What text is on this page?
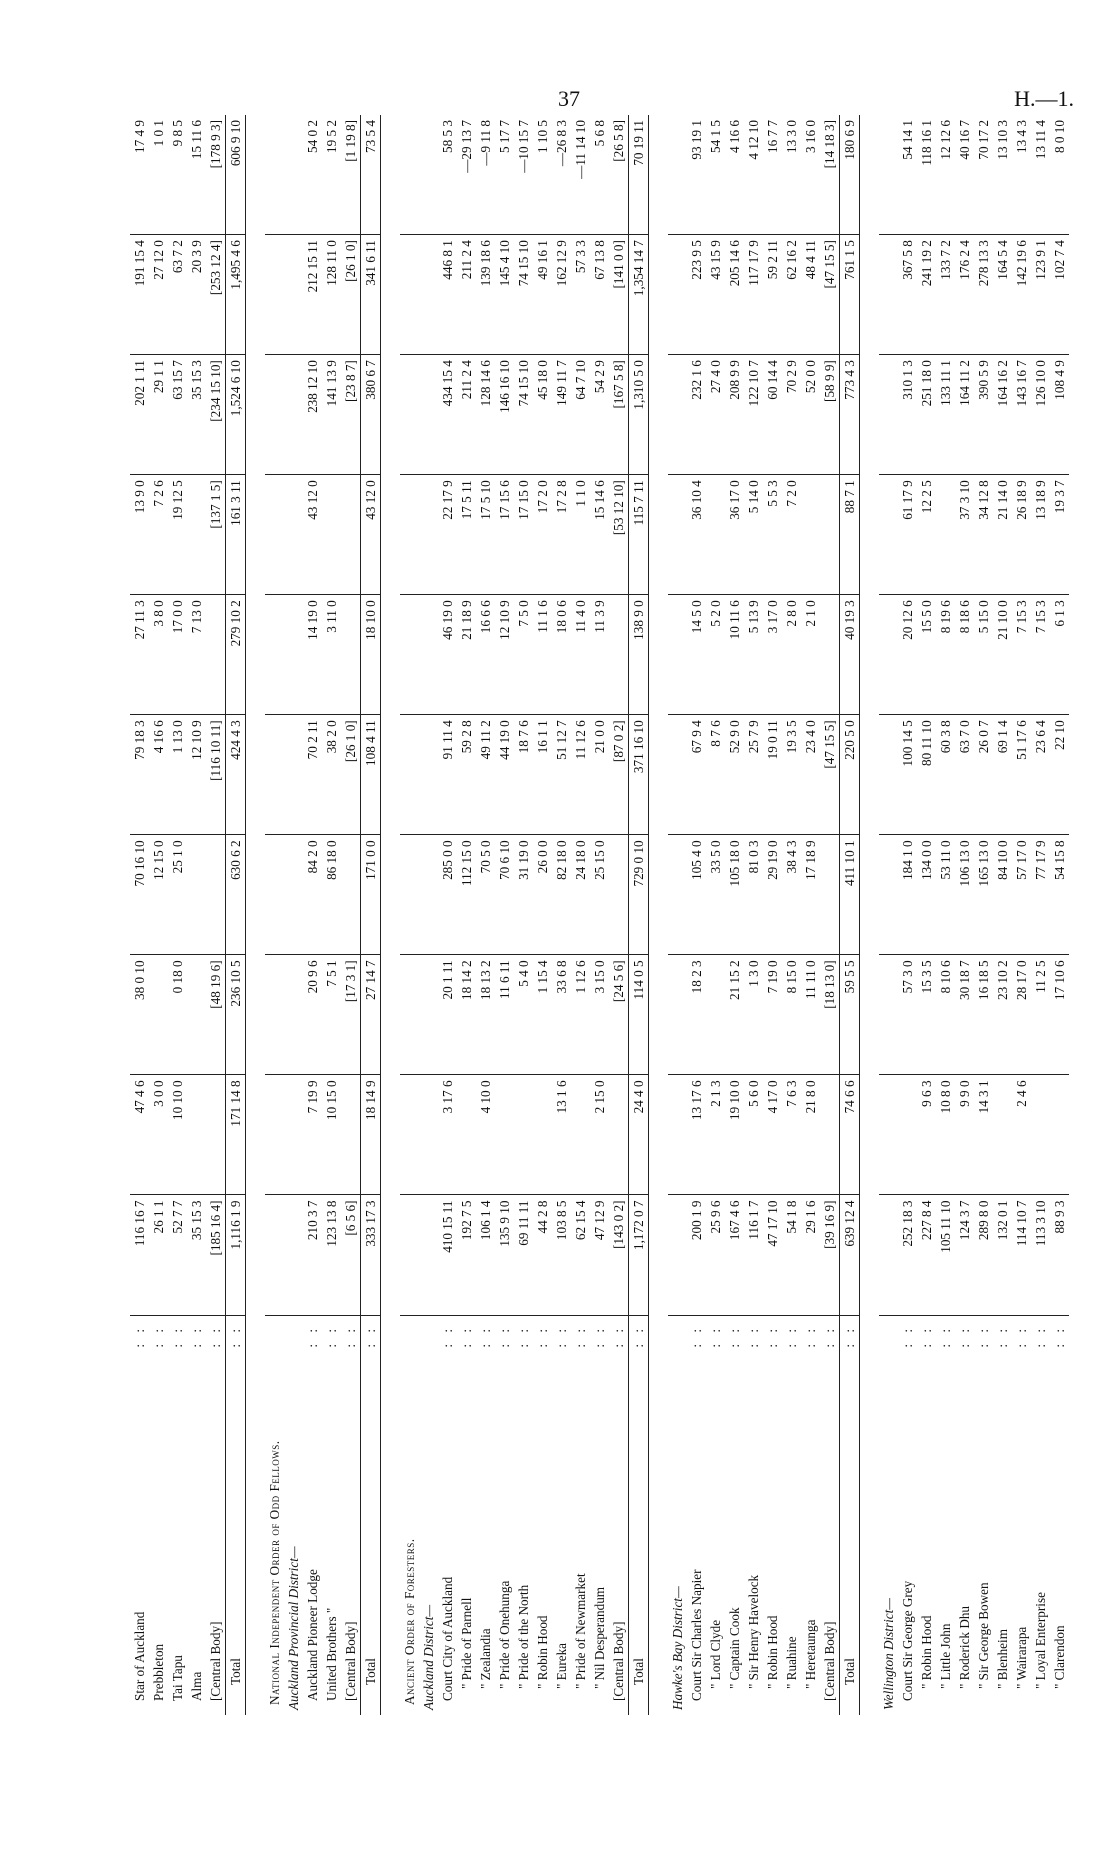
37	H.—1.
Star of Auckland	: :	116 16 7	47 4 6	38 0 10	70 16 10	79 18 3	27 11 3	13 9 0	202 1 11	191 15 4	17 4 9
Prebbleton	: :	26 1 1	3 0 0		12 15 0	4 16 6	3 8 0	7 2 6	29 1 1	27 12 0	1 0 1
Tai Tapu	: :	52 7 7	10 10 0	0 18 0	25 1 0	1 13 0	17 0 0	19 12 5	63 15 7	63 7 2	9 8 5
Alma	: :	35 15 3				12 10 9	7 13 0		35 15 3	20 3 9	15 11 6
[Central Body]	: :	[185 16 4]		[48 19 6]		[116 10 11]		[137 1 5]	[234 15 10]	[253 12 4]	[178 9 3]
Total	: :	1,116 1 9	171 14 8	236 10 5	630 6 2	424 4 3	279 10 2	161 3 11	1,524 6 10	1,495 4 6	606 9 10

National Independent Order of Odd Fellows.											
Auckland Provincial District—											
Auckland Pioneer Lodge	: :	210 3 7	7 19 9	20 9 6	84 2 0	70 2 11	14 19 0	43 12 0	238 12 10	212 15 11	54 0 2
United Brothers "	: :	123 13 8	10 15 0	7 5 1	86 18 0	38 2 0	3 11 0		141 13 9	128 11 0	19 5 2
[Central Body]	: :	[6 5 6]		[17 3 1]		[26 1 0]			[23 8 7]	[26 1 0]	[1 19 8]
Total	: :	333 17 3	18 14 9	27 14 7	171 0 0	108 4 11	18 10 0	43 12 0	380 6 7	341 6 11	73 5 4

Ancient Order of Foresters.											
Auckland District—											
Court City of Auckland	: :	410 15 11	3 17 6	20 1 11	285 0 0	91 11 4	46 19 0	22 17 9	434 15 4	446 8 1	58 5 3
" Pride of Parnell	: :	192 7 5		18 14 2	112 15 0	59 2 8	21 18 9	17 5 11	211 2 4	211 2 4	—29 13 7
" Zealandia	: :	106 1 4	4 10 0	18 13 2	70 5 0	49 11 2	16 6 6	17 5 10	128 14 6	139 18 6	—9 11 8
" Pride of Onehunga	: :	135 9 10		11 6 11	70 6 10	44 19 0	12 10 9	17 15 6	146 16 10	145 4 10	5 17 7
" Pride of the North	: :	69 11 11		5 4 0	31 19 0	18 7 6	7 5 0	17 15 0	74 15 10	74 15 10	—10 15 7
" Robin Hood	: :	44 2 8		1 15 4	26 0 0	16 1 1	11 1 6	17 2 0	45 18 0	49 16 1	1 10 5
" Eureka	: :	103 8 5	13 1 6	33 6 8	82 18 0	51 12 7	18 0 6	17 2 8	149 11 7	162 12 9	—26 8 3
" Pride of Newmarket	: :	62 15 4		1 12 6	24 18 0	11 12 6	11 4 0	1 1 0	64 7 10	57 3 3	—11 14 10
" Nil Desperandum	: :	47 12 9	2 15 0	3 15 0	25 15 0	21 0 0	11 3 9	15 14 6	54 2 9	67 13 8	5 6 8
[Central Body]	: :	[143 0 2]		[24 5 6]		[87 0 2]		[53 12 10]	[167 5 8]	[141 0 0]	[26 5 8]
Total	: :	1,172 0 7	24 4 0	114 0 5	729 0 10	371 16 10	138 9 0	115 7 11	1,310 5 0	1,354 14 7	70 19 11

Hawke's Bay District—											
Court Sir Charles Napier	: :	200 1 9	13 17 6	18 2 3	105 4 0	67 9 4	14 5 0	36 10 4	232 1 6	223 9 5	93 19 1
" Lord Clyde	: :	25 9 6	2 1 3		33 5 0	8 7 6	5 2 0		27 4 0	43 15 9	54 1 5
" Captain Cook	: :	167 4 6	19 10 0	21 15 2	105 18 0	52 9 0	10 11 6	36 17 0	208 9 9	205 14 6	4 16 6
" Sir Henry Havelock	: :	116 1 7	5 6 0	1 3 0	81 0 3	25 7 9	5 13 9	5 14 0	122 10 7	117 17 9	4 12 10
" Robin Hood	: :	47 17 10	4 17 0	7 19 0	29 19 0	19 0 11	3 17 0	5 5 3	60 14 4	59 2 11	16 7 7
" Ruahine	: :	54 1 8	7 6 3	8 15 0	38 4 3	19 3 5	2 8 0	7 2 0	70 2 9	62 16 2	13 3 0
" Heretaunga	: :	29 1 6	21 8 0	11 11 0	17 18 9	23 4 0	2 1 0		52 0 0	48 4 11	3 16 0
[Central Body]	: :	[39 16 9]		[18 13 0]		[47 15 5]			[58 9 9]	[47 15 5]	[14 18 3]
Total	: :	639 12 4	74 6 6	59 5 5	411 10 1	220 5 0	40 19 3	88 7 1	773 4 3	761 1 5	180 6 9

Wellington District—											
Court Sir George Grey	: :	252 18 3		57 3 0	184 1 0	100 14 5	20 12 6	61 17 9	310 1 3	367 5 8	54 14 1
" Robin Hood	: :	227 8 4	9 6 3	15 3 5	134 0 0	80 11 10	15 5 0	12 2 5	251 18 0	241 19 2	118 16 1
" Little John	: :	105 11 10	10 8 0	8 10 6	53 11 0	60 3 8	8 19 6		133 11 1	133 7 2	12 12 6
" Roderick Dhu	: :	124 3 7	9 9 0	30 18 7	106 13 0	63 7 0	8 18 6	37 3 10	164 11 2	176 2 4	40 16 7
" Sir George Bowen	: :	289 8 0	14 3 1	16 18 5	165 13 0	26 0 7	5 15 0	34 12 8	390 5 9	278 13 3	70 17 2
" Blenheim	: :	132 0 1		23 10 2	84 10 0	69 1 4	21 10 0	21 14 0	164 16 2	164 5 4	13 10 3
" Wairarapa	: :	114 10 7	2 4 6	28 17 0	57 17 0	51 17 6	7 15 3	26 18 9	143 16 7	142 19 6	13 4 3
" Loyal Enterprise	: :	113 3 10		11 2 5	77 17 9	23 6 4	7 15 3	13 18 9	126 10 0	123 9 1	13 11 4
" Clarendon	: :	88 9 3		17 10 6	54 15 8	22 10	6 1 3	19 3 7	108 4 9	102 7 4	8 0 10
